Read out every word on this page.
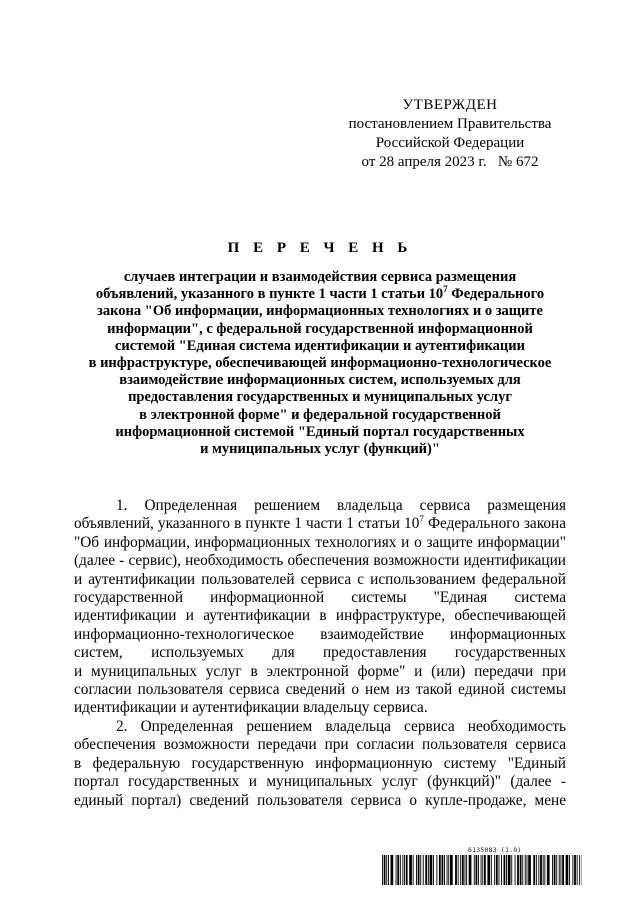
УТВЕРЖДЕН
постановлением Правительства
Российской Федерации
от 28 апреля 2023 г.   № 672
П Е Р Е Ч Е Н Ь
случаев интеграции и взаимодействия сервиса размещения
объявлений, указанного в пункте 1 части 1 статьи $10^7$ Федерального
закона "Об информации, информационных технологиях и о защите
информации", с федеральной государственной информационной
системой "Единая система идентификации и аутентификации
в инфраструктуре, обеспечивающей информационно-технологическое
взаимодействие информационных систем, используемых для
предоставления государственных и муниципальных услуг
в электронной форме" и федеральной государственной
информационной системой "Единый портал государственных
и муниципальных услуг (функций)"
1. Определенная решением владельца сервиса размещения
объявлений, указанного в пункте 1 части 1 статьи $10^7$ Федерального закона
"Об информации, информационных технологиях и о защите информации"
(далее - сервис), необходимость обеспечения возможности идентификации
и аутентификации пользователей сервиса с использованием федеральной
государственной информационной системы "Единая система
идентификации и аутентификации в инфраструктуре, обеспечивающей
информационно-технологическое взаимодействие информационных
систем, используемых для предоставления государственных
и муниципальных услуг в электронной форме" и (или) передачи при
согласии пользователя сервиса сведений о нем из такой единой системы
идентификации и аутентификации владельцу сервиса.
2. Определенная решением владельца сервиса необходимость
обеспечения возможности передачи при согласии пользователя сервиса
в федеральную государственную информационную систему "Единый
портал государственных и муниципальных услуг (функций)" (далее -
единый портал) сведений пользователя сервиса о купле-продаже, мене
6135083 (1.0)
